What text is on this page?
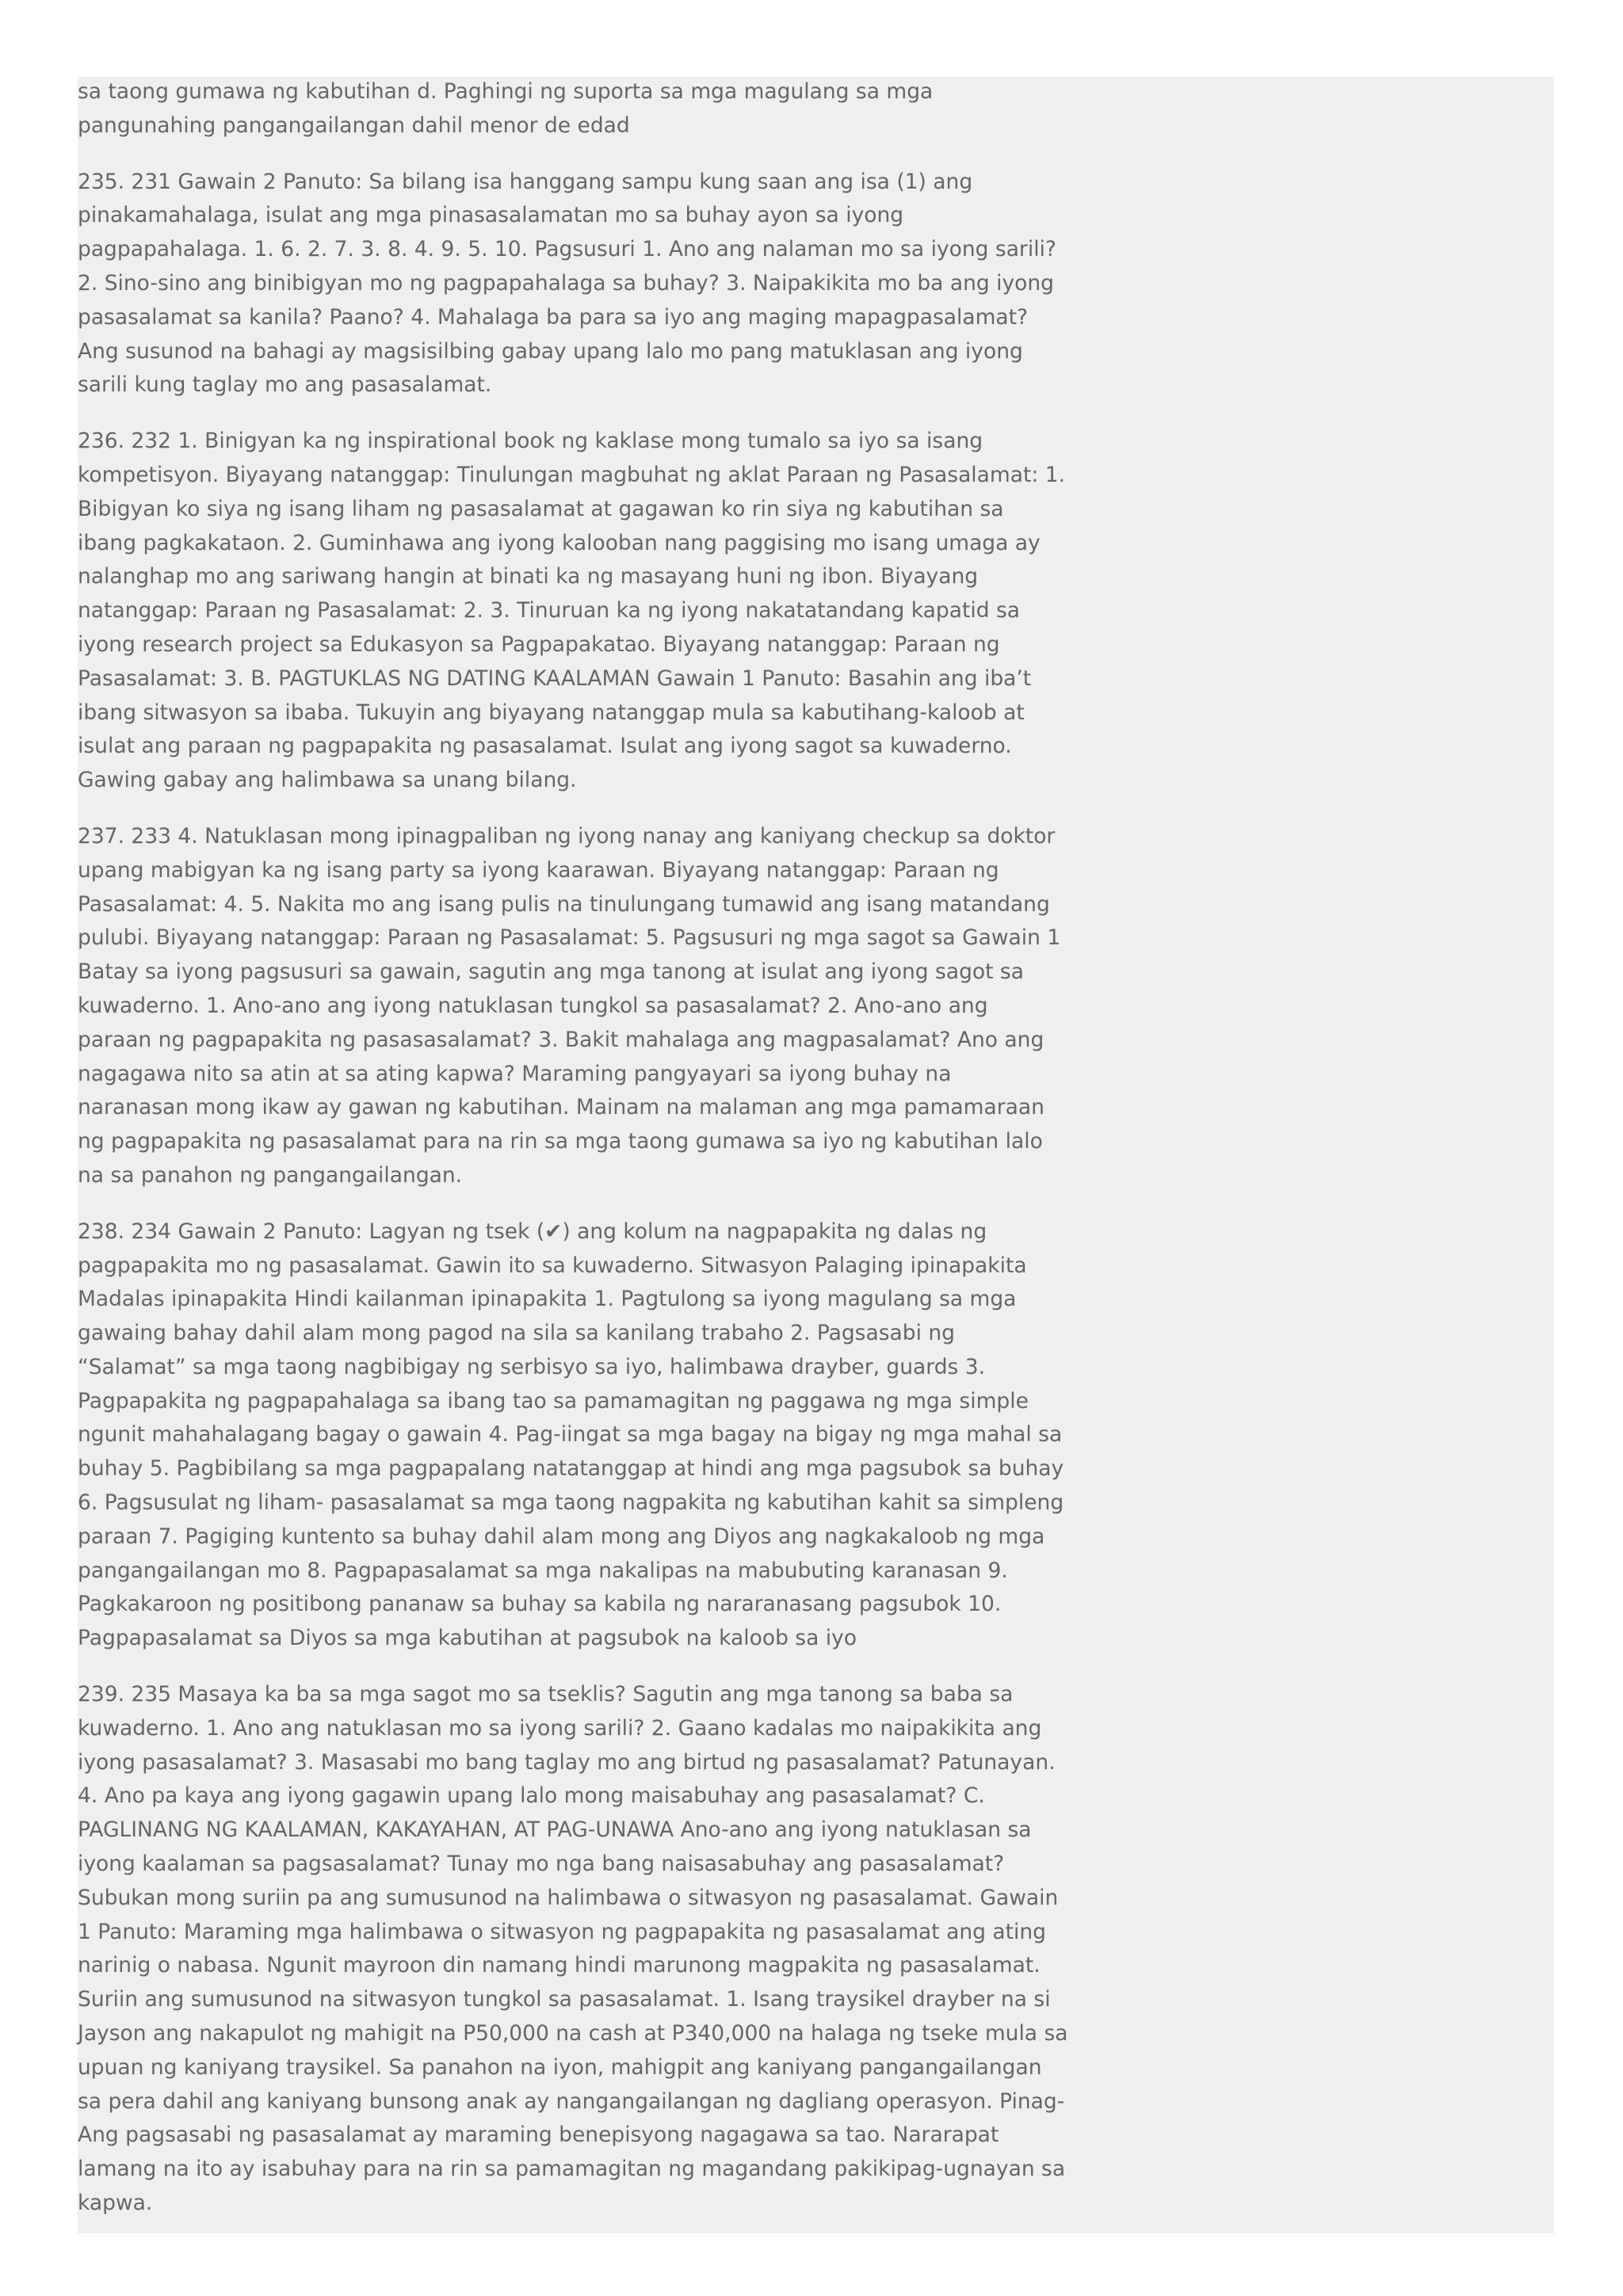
sa taong gumawa ng kabutihan d. Paghingi ng suporta sa mga magulang sa mga pangunahing pangangailangan dahil menor de edad

235. 231 Gawain 2 Panuto: Sa bilang isa hanggang sampu kung saan ang isa (1) ang pinakamahalaga, isulat ang mga pinasasalamatan mo sa buhay ayon sa iyong pagpapahalaga. 1. 6. 2. 7. 3. 8. 4. 9. 5. 10. Pagsusuri 1. Ano ang nalaman mo sa iyong sarili? 2. Sino-sino ang binibigyan mo ng pagpapahalaga sa buhay? 3. Naipakikita mo ba ang iyong pasasalamat sa kanila? Paano? 4. Mahalaga ba para sa iyo ang maging mapagpasalamat? Ang susunod na bahagi ay magsisilbing gabay upang lalo mo pang matuklasan ang iyong sarili kung taglay mo ang pasasalamat.

236. 232 1. Binigyan ka ng inspirational book ng kaklase mong tumalo sa iyo sa isang kompetisyon. Biyayang natanggap: Tinulungan magbuhat ng aklat Paraan ng Pasasalamat: 1. Bibigyan ko siya ng isang liham ng pasasalamat at gagawan ko rin siya ng kabutihan sa ibang pagkakataon. 2. Guminhawa ang iyong kalooban nang paggising mo isang umaga ay nalanghap mo ang sariwang hangin at binati ka ng masayang huni ng ibon. Biyayang natanggap: Paraan ng Pasasalamat: 2. 3. Tinuruan ka ng iyong nakatatandang kapatid sa iyong research project sa Edukasyon sa Pagpapakatao. Biyayang natanggap: Paraan ng Pasasalamat: 3. B. PAGTUKLAS NG DATING KAALAMAN Gawain 1 Panuto: Basahin ang iba’t ibang sitwasyon sa ibaba. Tukuyin ang biyayang natanggap mula sa kabutihang-kaloob at isulat ang paraan ng pagpapakita ng pasasalamat. Isulat ang iyong sagot sa kuwaderno. Gawing gabay ang halimbawa sa unang bilang.

237. 233 4. Natuklasan mong ipinagpaliban ng iyong nanay ang kaniyang checkup sa doktor upang mabigyan ka ng isang party sa iyong kaarawan. Biyayang natanggap: Paraan ng Pasasalamat: 4. 5. Nakita mo ang isang pulis na tinulungang tumawid ang isang matandang pulubi. Biyayang natanggap: Paraan ng Pasasalamat: 5. Pagsusuri ng mga sagot sa Gawain 1 Batay sa iyong pagsusuri sa gawain, sagutin ang mga tanong at isulat ang iyong sagot sa kuwaderno. 1. Ano-ano ang iyong natuklasan tungkol sa pasasalamat? 2. Ano-ano ang paraan ng pagpapakita ng pasasasalamat? 3. Bakit mahalaga ang magpasalamat? Ano ang nagagawa nito sa atin at sa ating kapwa? Maraming pangyayari sa iyong buhay na naranasan mong ikaw ay gawan ng kabutihan. Mainam na malaman ang mga pamamaraan ng pagpapakita ng pasasalamat para na rin sa mga taong gumawa sa iyo ng kabutihan lalo na sa panahon ng pangangailangan.

238. 234 Gawain 2 Panuto: Lagyan ng tsek (✔) ang kolum na nagpapakita ng dalas ng pagpapakita mo ng pasasalamat. Gawin ito sa kuwaderno. Sitwasyon Palaging ipinapakita Madalas ipinapakita Hindi kailanman ipinapakita 1. Pagtulong sa iyong magulang sa mga gawaing bahay dahil alam mong pagod na sila sa kanilang trabaho 2. Pagsasabi ng “Salamat” sa mga taong nagbibigay ng serbisyo sa iyo, halimbawa drayber, guards 3. Pagpapakita ng pagpapahalaga sa ibang tao sa pamamagitan ng paggawa ng mga simple ngunit mahahalagang bagay o gawain 4. Pag-iingat sa mga bagay na bigay ng mga mahal sa buhay 5. Pagbibilang sa mga pagpapalang natatanggap at hindi ang mga pagsubok sa buhay 6. Pagsusulat ng liham- pasasalamat sa mga taong nagpakita ng kabutihan kahit sa simpleng paraan 7. Pagiging kuntento sa buhay dahil alam mong ang Diyos ang nagkakaloob ng mga pangangailangan mo 8. Pagpapasalamat sa mga nakalipas na mabubuting karanasan 9. Pagkakaroon ng positibong pananaw sa buhay sa kabila ng nararanasang pagsubok 10. Pagpapasalamat sa Diyos sa mga kabutihan at pagsubok na kaloob sa iyo

239. 235 Masaya ka ba sa mga sagot mo sa tseklis? Sagutin ang mga tanong sa baba sa kuwaderno. 1. Ano ang natuklasan mo sa iyong sarili? 2. Gaano kadalas mo naipakikita ang iyong pasasalamat? 3. Masasabi mo bang taglay mo ang birtud ng pasasalamat? Patunayan. 4. Ano pa kaya ang iyong gagawin upang lalo mong maisabuhay ang pasasalamat? C. PAGLINANG NG KAALAMAN, KAKAYAHAN, AT PAG-UNAWA Ano-ano ang iyong natuklasan sa iyong kaalaman sa pagsasalamat? Tunay mo nga bang naisasabuhay ang pasasalamat? Subukan mong suriin pa ang sumusunod na halimbawa o sitwasyon ng pasasalamat. Gawain 1 Panuto: Maraming mga halimbawa o sitwasyon ng pagpapakita ng pasasalamat ang ating narinig o nabasa. Ngunit mayroon din namang hindi marunong magpakita ng pasasalamat. Suriin ang sumusunod na sitwasyon tungkol sa pasasalamat. 1. Isang traysikel drayber na si Jayson ang nakapulot ng mahigit na P50,000 na cash at P340,000 na halaga ng tseke mula sa upuan ng kaniyang traysikel. Sa panahon na iyon, mahigpit ang kaniyang pangangailangan sa pera dahil ang kaniyang bunsong anak ay nangangailangan ng dagliang operasyon. Pinag- Ang pagsasabi ng pasasalamat ay maraming benepisyong nagagawa sa tao. Nararapat lamang na ito ay isabuhay para na rin sa pamamagitan ng magandang pakikipag-ugnayan sa kapwa.
